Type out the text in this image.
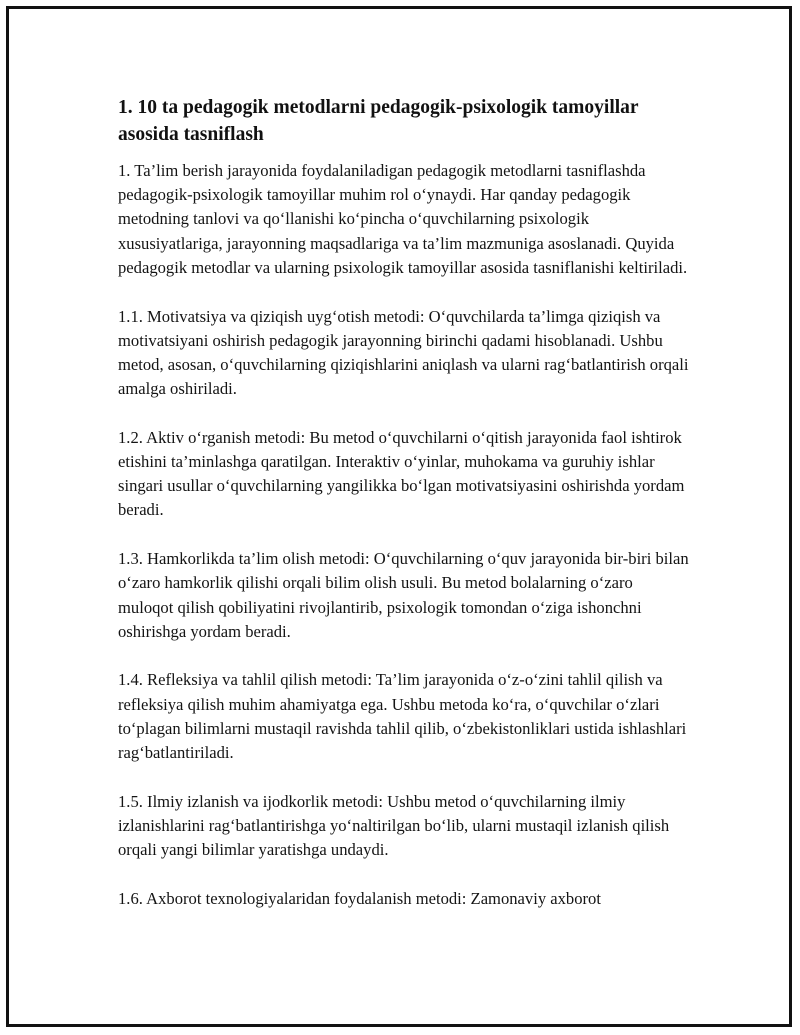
1. 10 ta pedagogik metodlarni pedagogik-psixologik tamoyillar asosida tasniflash

1. Ta’lim berish jarayonida foydalaniladigan pedagogik metodlarni tasniflashda pedagogik-psixologik tamoyillar muhim rol o‘ynaydi. Har qanday pedagogik metodning tanlovi va qo‘llanishi ko‘pincha o‘quvchilarning psixologik xususiyatlariga, jarayonning maqsadlariga va ta’lim mazmuniga asoslanadi. Quyida pedagogik metodlar va ularning psixologik tamoyillar asosida tasniflanishi keltiriladi.

1.1. Motivatsiya va qiziqish uyg‘otish metodi: O‘quvchilarda ta’limga qiziqish va motivatsiyani oshirish pedagogik jarayonning birinchi qadami hisoblanadi. Ushbu metod, asosan, o‘quvchilarning qiziqishlarini aniqlash va ularni rag‘batlantirish orqali amalga oshiriladi.

1.2. Aktiv o‘rganish metodi: Bu metod o‘quvchilarni o‘qitish jarayonida faol ishtirok etishini ta’minlashga qaratilgan. Interaktiv o‘yinlar, muhokama va guruhiy ishlar singari usullar o‘quvchilarning yangilikka bo‘lgan motivatsiyasini oshirishda yordam beradi.

1.3. Hamkorlikda ta’lim olish metodi: O‘quvchilarning o‘quv jarayonida bir-biri bilan o‘zaro hamkorlik qilishi orqali bilim olish usuli. Bu metod bolalarning o‘zaro muloqot qilish qobiliyatini rivojlantirib, psixologik tomondan o‘ziga ishonchni oshirishga yordam beradi.

1.4. Refleksiya va tahlil qilish metodi: Ta’lim jarayonida o‘z-o‘zini tahlil qilish va refleksiya qilish muhim ahamiyatga ega. Ushbu metoda ko‘ra, o‘quvchilar o‘zlari to‘plagan bilimlarni mustaqil ravishda tahlil qilib, o‘zbekistonliklari ustida ishlashlari rag‘batlantiriladi.

1.5. Ilmiy izlanish va ijodkorlik metodi: Ushbu metod o‘quvchilarning ilmiy izlanishlarini rag‘batlantirishga yo‘naltirilgan bo‘lib, ularni mustaqil izlanish qilish orqali yangi bilimlar yaratishga undaydi.

1.6. Axborot texnologiyalaridan foydalanish metodi: Zamonaviy axborot
